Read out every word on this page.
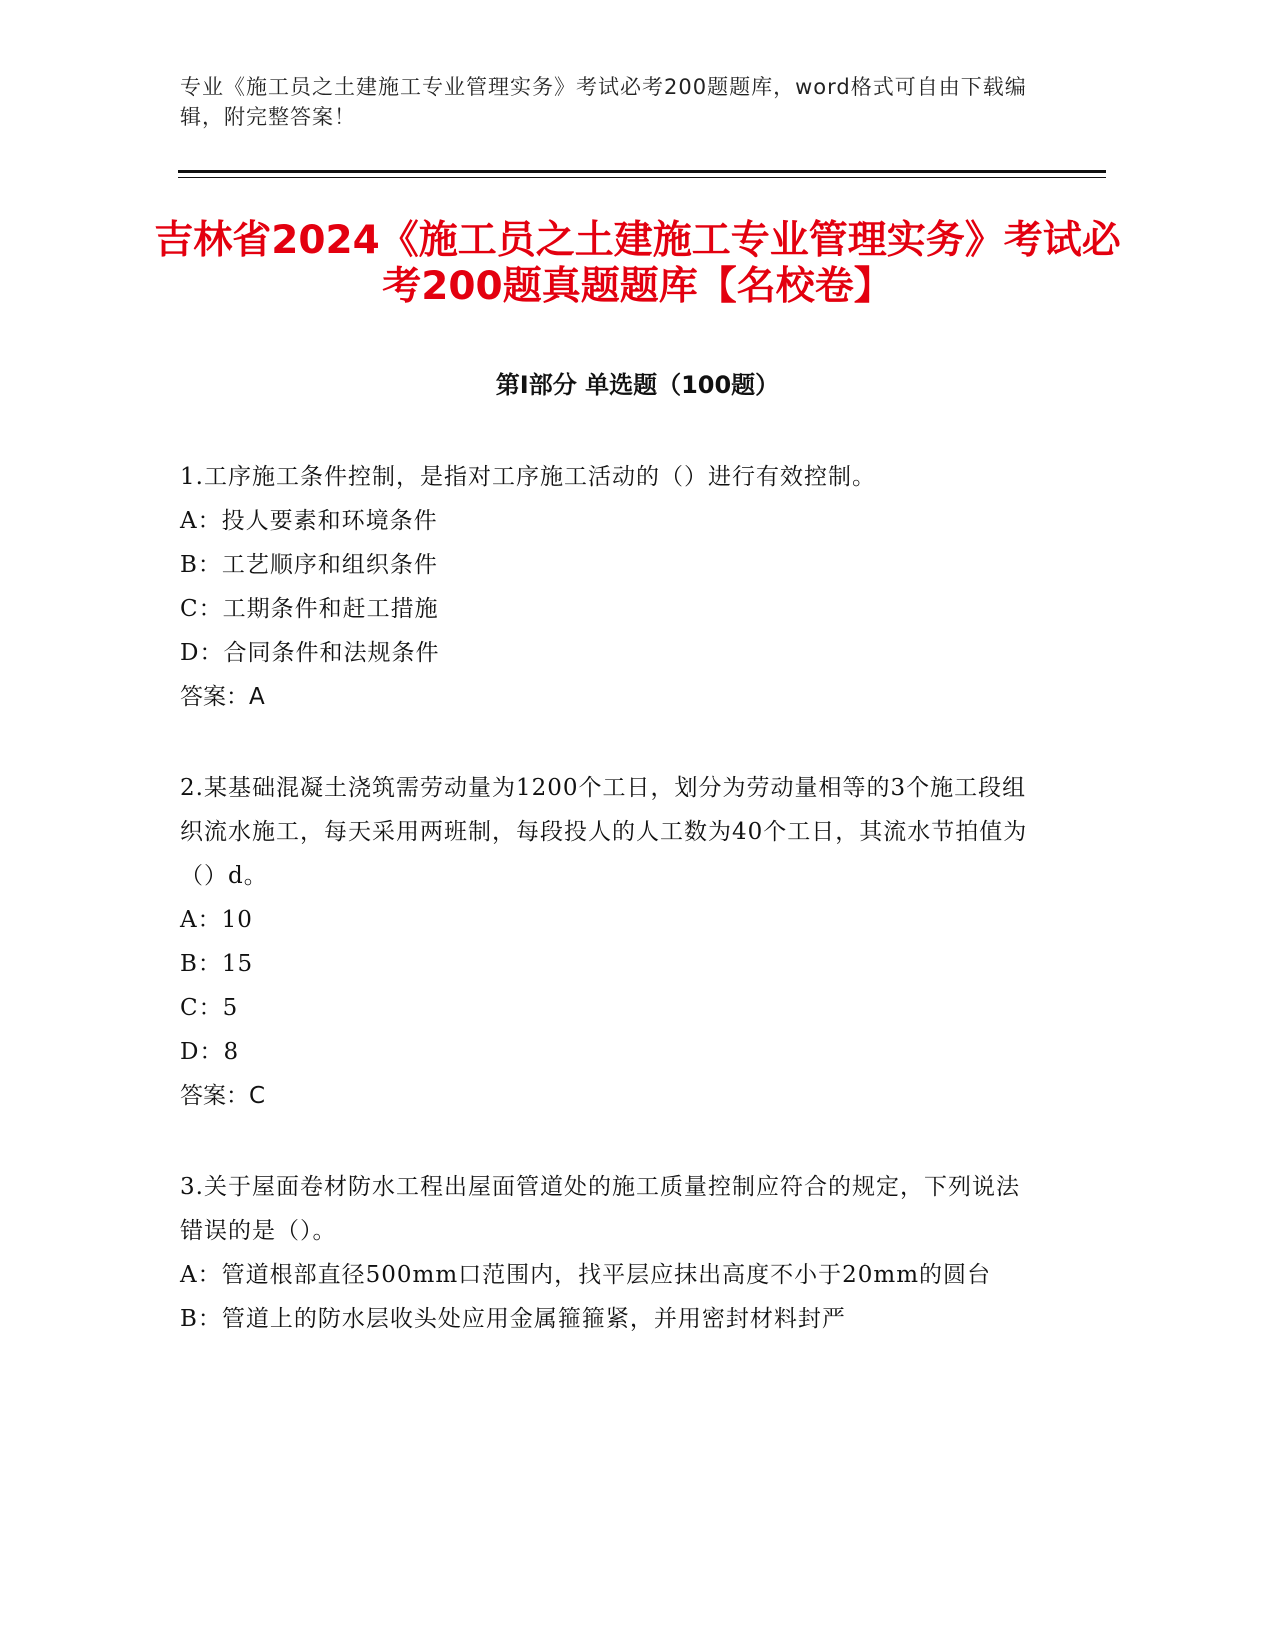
专业《施工员之土建施工专业管理实务》考试必考200题题库，word格式可自由下载编辑，附完整答案！
吉林省2024《施工员之土建施工专业管理实务》考试必考200题真题题库【名校卷】
第I部分 单选题（100题）
1.工序施工条件控制，是指对工序施工活动的（）进行有效控制。
A：投人要素和环境条件
B：工艺顺序和组织条件
C：工期条件和赶工措施
D：合同条件和法规条件
答案：A
2.某基础混凝土浇筑需劳动量为1200个工日，划分为劳动量相等的3个施工段组织流水施工，每天采用两班制，每段投人的人工数为40个工日，其流水节拍值为（）d。
A：10
B：15
C：5
D：8
答案：C
3.关于屋面卷材防水工程出屋面管道处的施工质量控制应符合的规定，下列说法错误的是（）。
A：管道根部直径500mm口范围内，找平层应抹出高度不小于20mm的圆台
B：管道上的防水层收头处应用金属箍箍紧，并用密封材料封严
